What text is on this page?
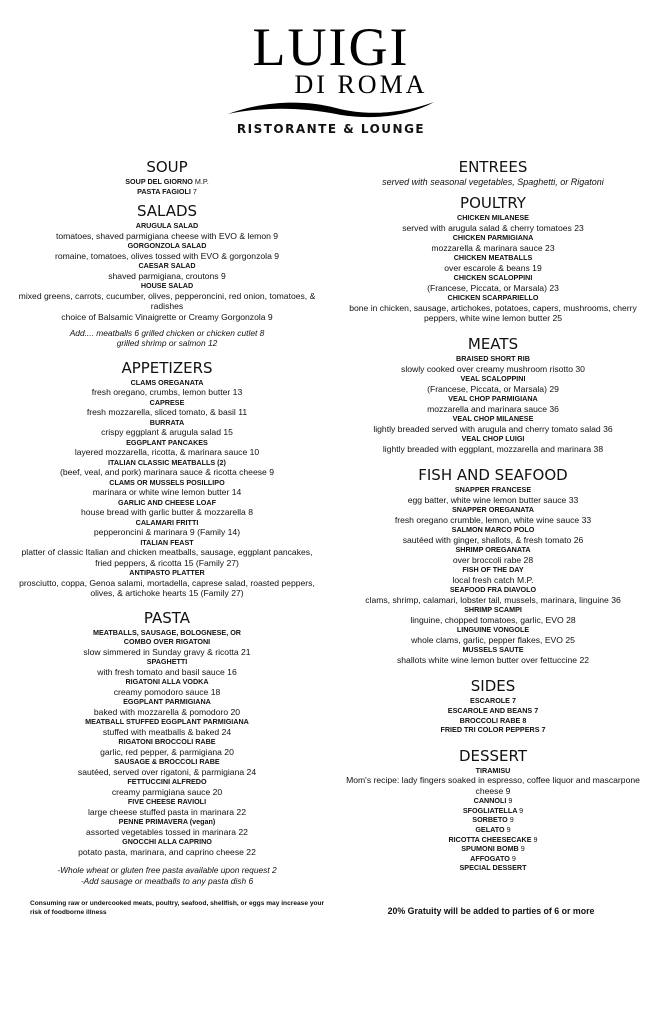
LUIGI
DI ROMA
RISTORANTE & LOUNGE
SOUP
SOUP DEL GIORNO M.P.
PASTA FAGIOLI 7
SALADS
ARUGULA SALAD
tomatoes, shaved parmigiana cheese with EVO & lemon 9
GORGONZOLA SALAD
romaine, tomatoes, olives tossed with EVO & gorgonzola 9
CAESAR SALAD
shaved parmigiana, croutons 9
HOUSE SALAD
mixed greens, carrots, cucumber, olives, pepperoncini, red onion, tomatoes, & radishes
choice of Balsamic Vinaigrette or Creamy Gorgonzola 9
Add.... meatballs 6 grilled chicken or chicken cutlet 8
grilled shrimp or salmon 12
APPETIZERS
CLAMS OREGANATA
fresh oregano, crumbs, lemon butter 13
CAPRESE
fresh mozzarella, sliced tomato, & basil 11
BURRATA
crispy eggplant & arugula salad 15
EGGPLANT PANCAKES
layered mozzarella, ricotta, & marinara sauce 10
ITALIAN CLASSIC MEATBALLS (2)
(beef, veal, and pork) marinara sauce & ricotta cheese 9
CLAMS OR MUSSELS POSILLIPO
marinara or white wine lemon butter 14
GARLIC AND CHEESE LOAF
house bread with garlic butter & mozzarella 8
CALAMARI FRITTI
pepperoncini & marinara 9 (Family 14)
ITALIAN FEAST
platter of classic Italian and chicken meatballs, sausage, eggplant pancakes, fried peppers, & ricotta 15 (Family 27)
ANTIPASTO PLATTER
prosciutto, coppa, Genoa salami, mortadella, caprese salad, roasted peppers, olives, & artichoke hearts 15 (Family 27)
PASTA
MEATBALLS, SAUSAGE, BOLOGNESE, OR
COMBO OVER RIGATONI
slow simmered in Sunday gravy & ricotta 21
SPAGHETTI
with fresh tomato and basil sauce 16
RIGATONI ALLA VODKA
creamy pomodoro sauce 18
EGGPLANT PARMIGIANA
baked with mozzarella & pomodoro 20
MEATBALL STUFFED EGGPLANT PARMIGIANA
stuffed with meatballs & baked 24
RIGATONI BROCCOLI RABE
garlic, red pepper, & parmigiana 20
SAUSAGE & BROCCOLI RABE
sautéed, served over rigatoni, & parmigiana 24
FETTUCCINI ALFREDO
creamy parmigiana sauce 20
FIVE CHEESE RAVIOLI
large cheese stuffed pasta in marinara 22
PENNE PRIMAVERA (vegan)
assorted vegetables tossed in marinara 22
GNOCCHI ALLA CAPRINO
potato pasta, marinara, and caprino cheese 22
-Whole wheat or gluten free pasta available upon request 2
-Add sausage or meatballs to any pasta dish 6
ENTREES
served with seasonal vegetables, Spaghetti, or Rigatoni
POULTRY
CHICKEN MILANESE
served with arugula salad & cherry tomatoes 23
CHICKEN PARMIGIANA
mozzarella & marinara sauce 23
CHICKEN MEATBALLS
over escarole & beans 19
CHICKEN SCALOPPINI
(Francese, Piccata, or Marsala) 23
CHICKEN SCARPARIELLO
bone in chicken, sausage, artichokes, potatoes, capers, mushrooms, cherry peppers, white wine lemon butter 25
MEATS
BRAISED SHORT RIB
slowly cooked over creamy mushroom risotto 30
VEAL SCALOPPINI
(Francese, Piccata, or Marsala) 29
VEAL CHOP PARMIGIANA
mozzarella and marinara sauce 36
VEAL CHOP MILANESE
lightly breaded served with arugula and cherry tomato salad 36
VEAL CHOP LUIGI
lightly breaded with eggplant, mozzarella and marinara 38
FISH AND SEAFOOD
SNAPPER FRANCESE
egg batter, white wine lemon butter sauce 33
SNAPPER OREGANATA
fresh oregano crumble, lemon, white wine sauce 33
SALMON MARCO POLO
sautéed with ginger, shallots, & fresh tomato 26
SHRIMP OREGANATA
over broccoli rabe 28
FISH OF THE DAY
local fresh catch M.P.
SEAFOOD FRA DIAVOLO
clams, shrimp, calamari, lobster tail, mussels, marinara, linguine 36
SHRIMP SCAMPI
linguine, chopped tomatoes, garlic, EVO 28
LINGUINE VONGOLE
whole clams, garlic, pepper flakes, EVO 25
MUSSELS SAUTE
shallots white wine lemon butter over fettuccine 22
SIDES
ESCAROLE 7
ESCAROLE AND BEANS 7
BROCCOLI RABE 8
FRIED TRI COLOR PEPPERS 7
DESSERT
TIRAMISU
Mom's recipe: lady fingers soaked in espresso, coffee liquor and mascarpone cheese 9
CANNOLI 9
SFOGLIATELLA 9
SORBETO 9
GELATO 9
RICOTTA CHEESECAKE 9
SPUMONI BOMB 9
AFFOGATO 9
SPECIAL DESSERT
Consuming raw or undercooked meats, poultry, seafood, shellfish, or eggs may increase your risk of foodborne illness	20% Gratuity will be added to parties of 6 or more
